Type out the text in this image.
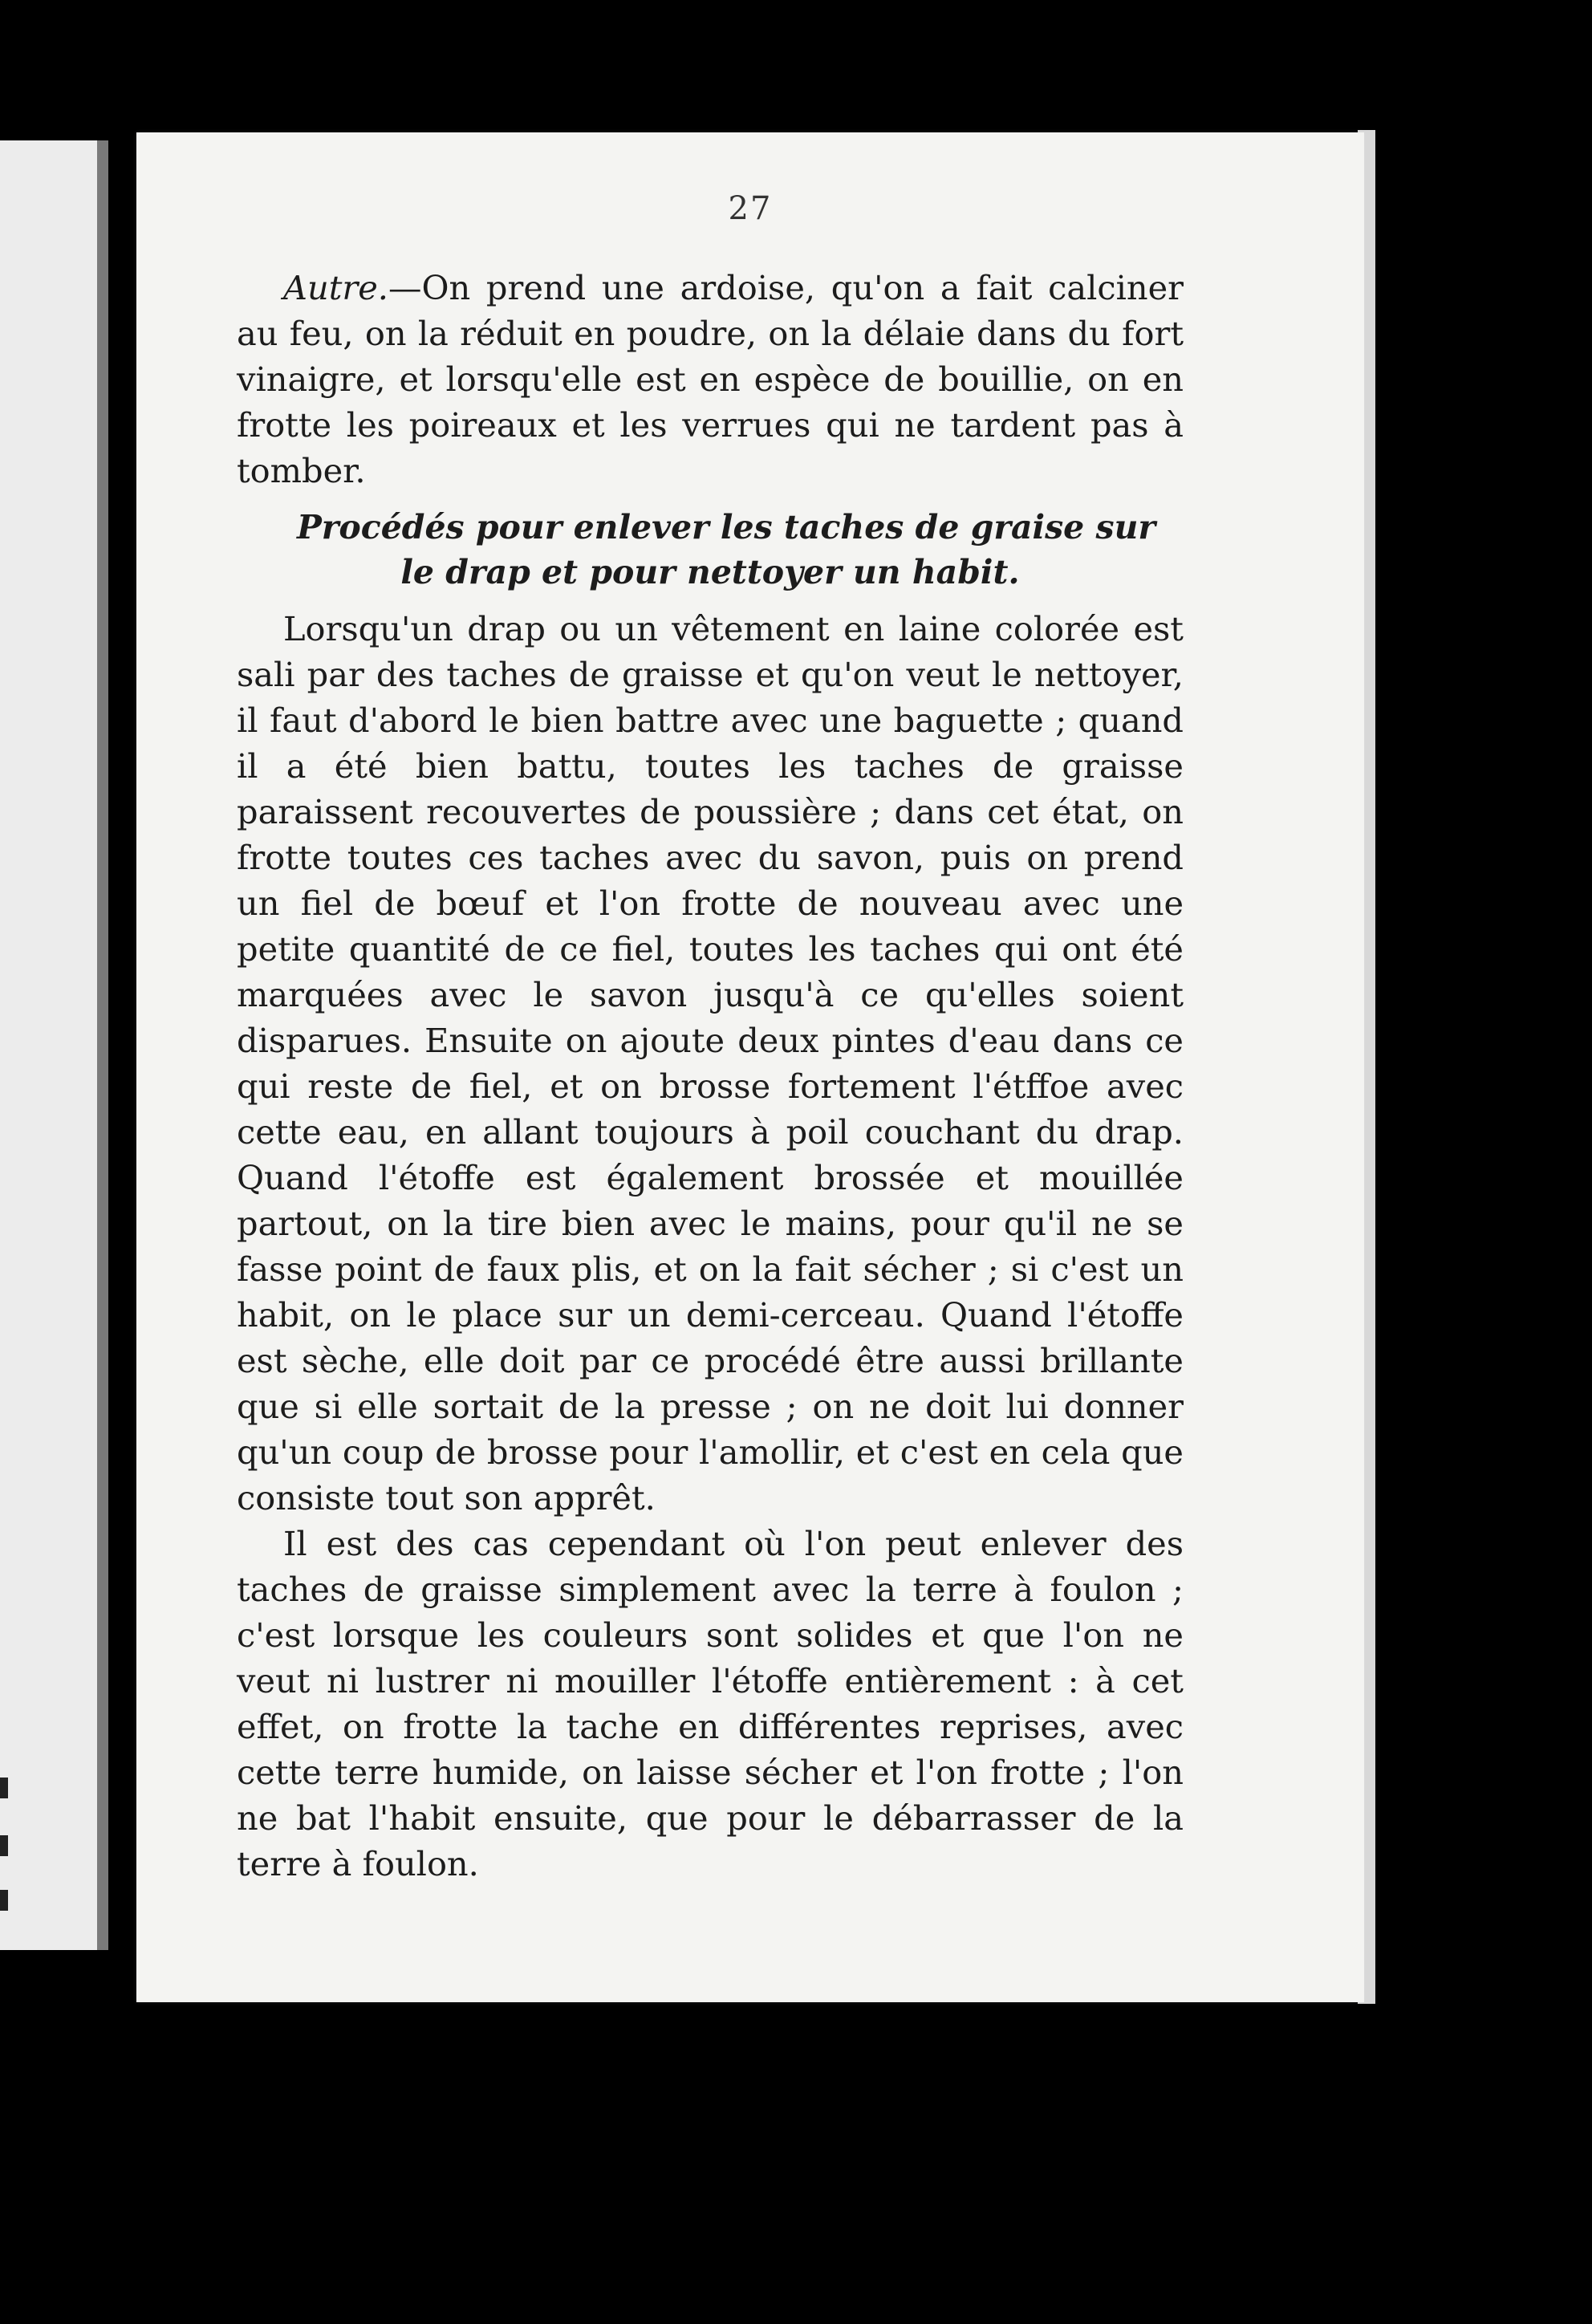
27

Autre.—On prend une ardoise, qu'on a fait calciner au feu, on la réduit en poudre, on la délaie dans du fort vinaigre, et lorsqu'elle est en espèce de bouillie, on en frotte les poireaux et les verrues qui ne tardent pas à tomber.

Procédés pour enlever les taches de graise sur
le drap et pour nettoyer un habit.

Lorsqu'un drap ou un vêtement en laine colorée est sali par des taches de graisse et qu'on veut le nettoyer, il faut d'abord le bien battre avec une baguette ; quand il a été bien battu, toutes les taches de graisse paraissent recouvertes de poussière ; dans cet état, on frotte toutes ces taches avec du savon, puis on prend un fiel de bœuf et l'on frotte de nouveau avec une petite quantité de ce fiel, toutes les taches qui ont été marquées avec le savon jusqu'à ce qu'elles soient disparues. Ensuite on ajoute deux pintes d'eau dans ce qui reste de fiel, et on brosse fortement l'étffoe avec cette eau, en allant toujours à poil couchant du drap. Quand l'étoffe est également brossée et mouillée partout, on la tire bien avec le mains, pour qu'il ne se fasse point de faux plis, et on la fait sécher ; si c'est un habit, on le place sur un demi-cerceau. Quand l'étoffe est sèche, elle doit par ce procédé être aussi brillante que si elle sortait de la presse ; on ne doit lui donner qu'un coup de brosse pour l'amollir, et c'est en cela que consiste tout son apprêt.

Il est des cas cependant où l'on peut enlever des taches de graisse simplement avec la terre à foulon ; c'est lorsque les couleurs sont solides et que l'on ne veut ni lustrer ni mouiller l'étoffe entièrement : à cet effet, on frotte la tache en différentes reprises, avec cette terre humide, on laisse sécher et l'on frotte ; l'on ne bat l'habit ensuite, que pour le débarrasser de la terre à foulon.
